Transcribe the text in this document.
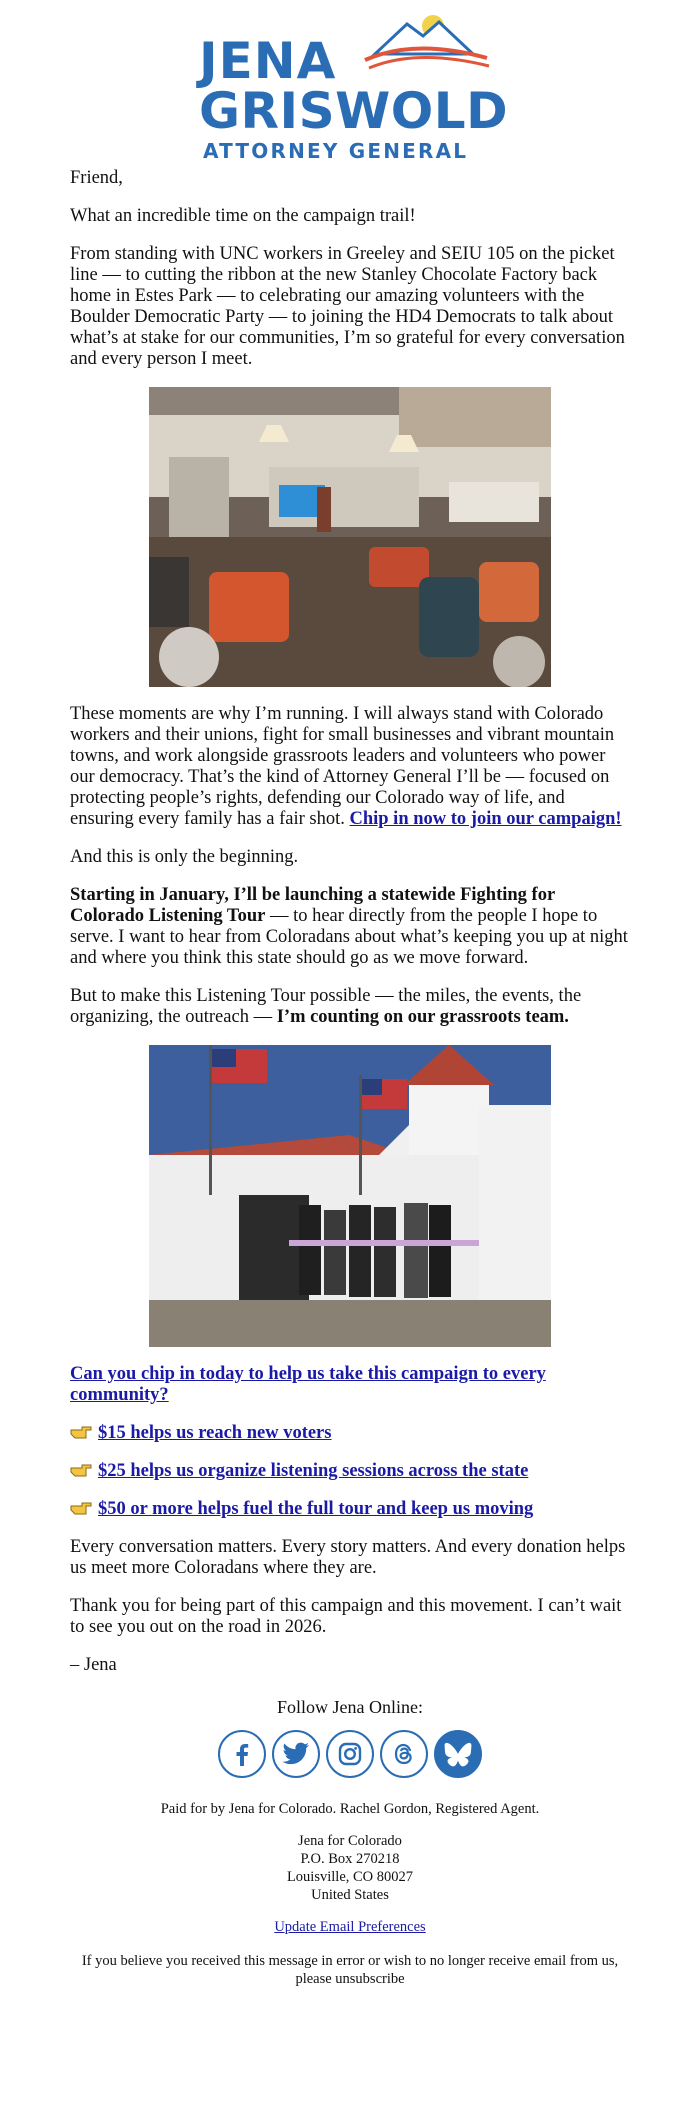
JENA
GRISWOLD
ATTORNEY GENERAL

Friend,

What an incredible time on the campaign trail!

From standing with UNC workers in Greeley and SEIU 105 on the picket line — to cutting the ribbon at the new Stanley Chocolate Factory back home in Estes Park — to celebrating our amazing volunteers with the Boulder Democratic Party — to joining the HD4 Democrats to talk about what’s at stake for our communities, I’m so grateful for every conversation and every person I meet.

These moments are why I’m running. I will always stand with Colorado workers and their unions, fight for small businesses and vibrant mountain towns, and work alongside grassroots leaders and volunteers who power our democracy. That’s the kind of Attorney General I’ll be — focused on protecting people’s rights, defending our Colorado way of life, and ensuring every family has a fair shot. Chip in now to join our campaign!

And this is only the beginning.

Starting in January, I’ll be launching a statewide Fighting for Colorado Listening Tour — to hear directly from the people I hope to serve. I want to hear from Coloradans about what’s keeping you up at night and where you think this state should go as we move forward.

But to make this Listening Tour possible — the miles, the events, the organizing, the outreach — I’m counting on our grassroots team.

Can you chip in today to help us take this campaign to every community?

$15 helps us reach new voters

$25 helps us organize listening sessions across the state

$50 or more helps fuel the full tour and keep us moving

Every conversation matters. Every story matters. And every donation helps us meet more Coloradans where they are.

Thank you for being part of this campaign and this movement. I can’t wait to see you out on the road in 2026.

– Jena

Follow Jena Online:
Paid for by Jena for Colorado. Rachel Gordon, Registered Agent.
Jena for Colorado
P.O. Box 270218
Louisville, CO 80027
United States
Update Email Preferences
If you believe you received this message in error or wish to no longer receive email from us, please unsubscribe
